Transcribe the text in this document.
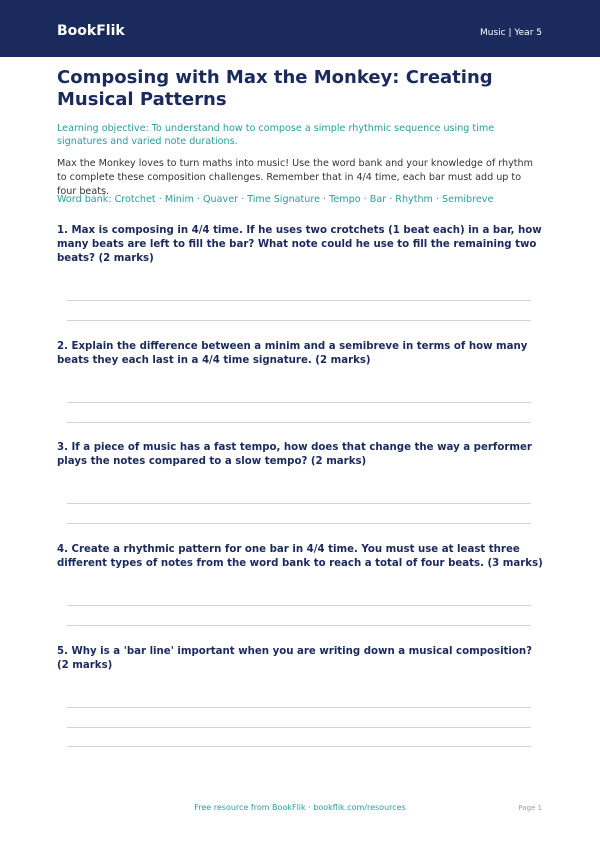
BookFlik	Music | Year 5
Composing with Max the Monkey: Creating Musical Patterns
Learning objective: To understand how to compose a simple rhythmic sequence using time signatures and varied note durations.
Max the Monkey loves to turn maths into music! Use the word bank and your knowledge of rhythm to complete these composition challenges. Remember that in 4/4 time, each bar must add up to four beats.
Word bank: Crotchet · Minim · Quaver · Time Signature · Tempo · Bar · Rhythm · Semibreve
1. Max is composing in 4/4 time. If he uses two crotchets (1 beat each) in a bar, how many beats are left to fill the bar? What note could he use to fill the remaining two beats? (2 marks)
2. Explain the difference between a minim and a semibreve in terms of how many beats they each last in a 4/4 time signature. (2 marks)
3. If a piece of music has a fast tempo, how does that change the way a performer plays the notes compared to a slow tempo? (2 marks)
4. Create a rhythmic pattern for one bar in 4/4 time. You must use at least three different types of notes from the word bank to reach a total of four beats. (3 marks)
5. Why is a 'bar line' important when you are writing down a musical composition? (2 marks)
Free resource from BookFlik · bookflik.com/resources	Page 1
